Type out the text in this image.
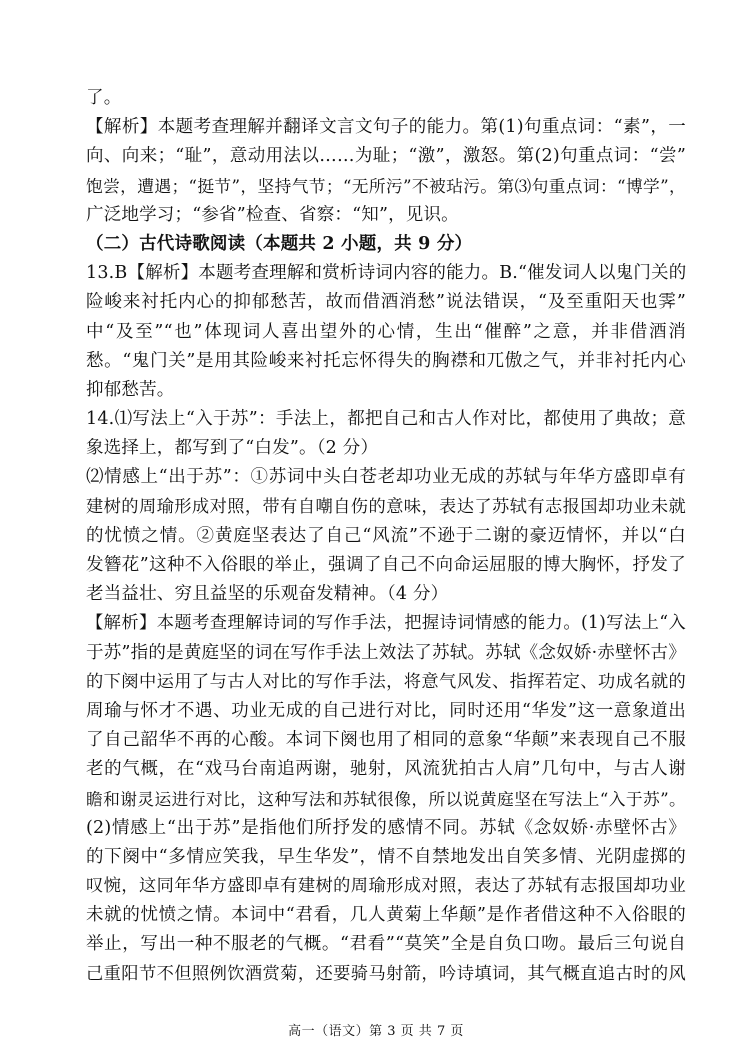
了。
【解析】本题考查理解并翻译文言文句子的能力。第(1)句重点词：“素”，一
向、向来；“耻”，意动用法以……为耻；“激”，激怒。第(2)句重点词：“尝”
饱尝，遭遇；“挺节”，坚持气节；“无所污”不被玷污。第⑶句重点词：“博学”，
广泛地学习；“参省”检查、省察：“知”，见识。
（二）古代诗歌阅读（本题共 2 小题，共 9 分）
13.B【解析】本题考查理解和赏析诗词内容的能力。B.“催发词人以鬼门关的
险峻来衬托内心的抑郁愁苦，故而借酒消愁”说法错误，“及至重阳天也霁”
中“及至”“也”体现词人喜出望外的心情，生出“催醉”之意，并非借酒消
愁。“鬼门关”是用其险峻来衬托忘怀得失的胸襟和兀傲之气，并非衬托内心
抑郁愁苦。
14.⑴写法上“入于苏”：手法上，都把自己和古人作对比，都使用了典故；意
象选择上，都写到了“白发”。（2 分）
⑵情感上“出于苏”：①苏词中头白苍老却功业无成的苏轼与年华方盛即卓有
建树的周瑜形成对照，带有自嘲自伤的意味，表达了苏轼有志报国却功业未就
的忧愤之情。②黄庭坚表达了自己“风流”不逊于二谢的豪迈情怀，并以“白
发簪花”这种不入俗眼的举止，强调了自己不向命运屈服的博大胸怀，抒发了
老当益壮、穷且益坚的乐观奋发精神。（4 分）
【解析】本题考查理解诗词的写作手法，把握诗词情感的能力。(1)写法上“入
于苏”指的是黄庭坚的词在写作手法上效法了苏轼。苏轼《念奴娇·赤壁怀古》
的下阕中运用了与古人对比的写作手法，将意气风发、指挥若定、功成名就的
周瑜与怀才不遇、功业无成的自己进行对比，同时还用“华发”这一意象道出
了自己韶华不再的心酸。本词下阕也用了相同的意象“华颠”来表现自己不服
老的气概，在“戏马台南追两谢，驰射，风流犹拍古人肩”几句中，与古人谢
瞻和谢灵运进行对比，这种写法和苏轼很像，所以说黄庭坚在写法上“入于苏”。
(2)情感上“出于苏”是指他们所抒发的感情不同。苏轼《念奴娇·赤壁怀古》
的下阕中“多情应笑我，早生华发”，情不自禁地发出自笑多情、光阴虚掷的
叹惋，这同年华方盛即卓有建树的周瑜形成对照，表达了苏轼有志报国却功业
未就的忧愤之情。本词中“君看，几人黄菊上华颠”是作者借这种不入俗眼的
举止，写出一种不服老的气概。“君看”“莫笑”全是自负口吻。最后三句说自
己重阳节不但照例饮酒赏菊，还要骑马射箭，吟诗填词，其气概直追古时的风
高一（语文）第 3 页 共 7 页
